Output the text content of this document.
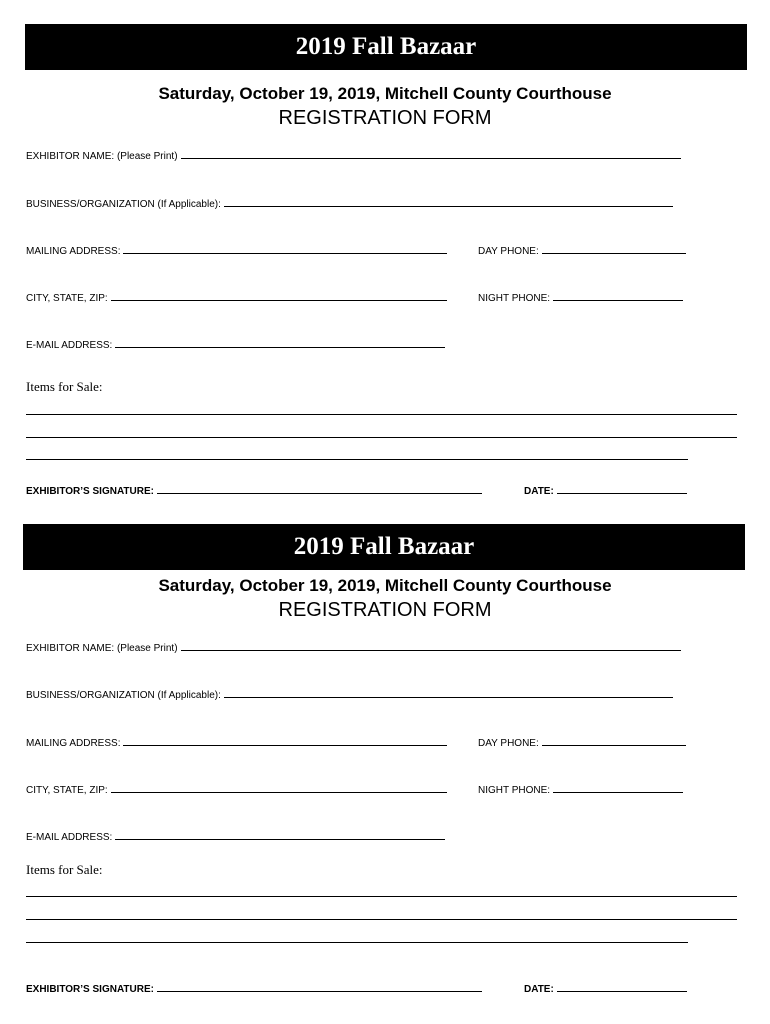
2019 Fall Bazaar
Saturday, October 19, 2019, Mitchell County Courthouse
REGISTRATION FORM
EXHIBITOR NAME: (Please Print)
BUSINESS/ORGANIZATION (If Applicable):
MAILING ADDRESS:	DAY PHONE:
CITY, STATE, ZIP:	NIGHT PHONE:
E-MAIL ADDRESS:
Items for Sale:
EXHIBITOR’S SIGNATURE:	DATE:
2019 Fall Bazaar
Saturday, October 19, 2019, Mitchell County Courthouse
REGISTRATION FORM
EXHIBITOR NAME: (Please Print)
BUSINESS/ORGANIZATION (If Applicable):
MAILING ADDRESS:	DAY PHONE:
CITY, STATE, ZIP:	NIGHT PHONE:
E-MAIL ADDRESS:
Items for Sale:
EXHIBITOR’S SIGNATURE:	DATE:
